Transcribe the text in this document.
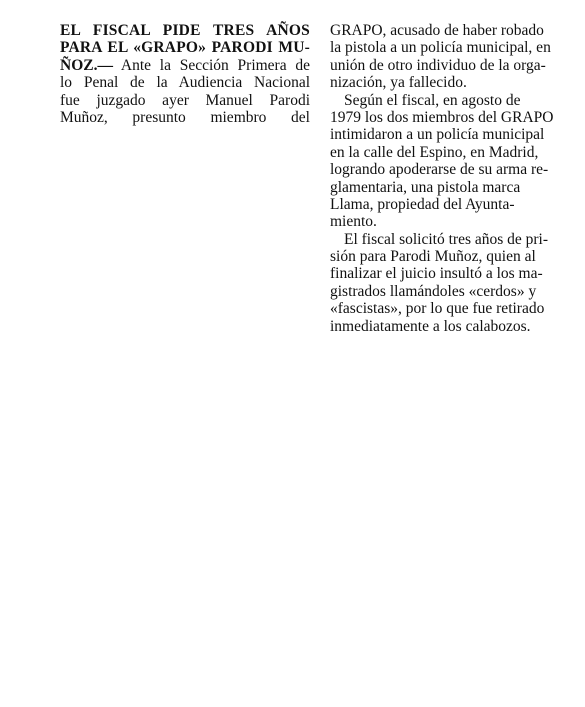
EL FISCAL PIDE TRES AÑOS
PARA EL «GRAPO» PARODI MU-
ÑOZ.— Ante la Sección Primera de
lo Penal de la Audiencia Nacional
fue juzgado ayer Manuel Parodi
Muñoz, presunto miembro del
GRAPO, acusado de haber robado
la pistola a un policía municipal, en
unión de otro individuo de la orga-
nización, ya fallecido.
Según el fiscal, en agosto de
1979 los dos miembros del GRAPO
intimidaron a un policía municipal
en la calle del Espino, en Madrid,
logrando apoderarse de su arma re-
glamentaria, una pistola marca
Llama, propiedad del Ayunta-
miento.
El fiscal solicitó tres años de pri-
sión para Parodi Muñoz, quien al
finalizar el juicio insultó a los ma-
gistrados llamándoles «cerdos» y
«fascistas», por lo que fue retirado
inmediatamente a los calabozos.
